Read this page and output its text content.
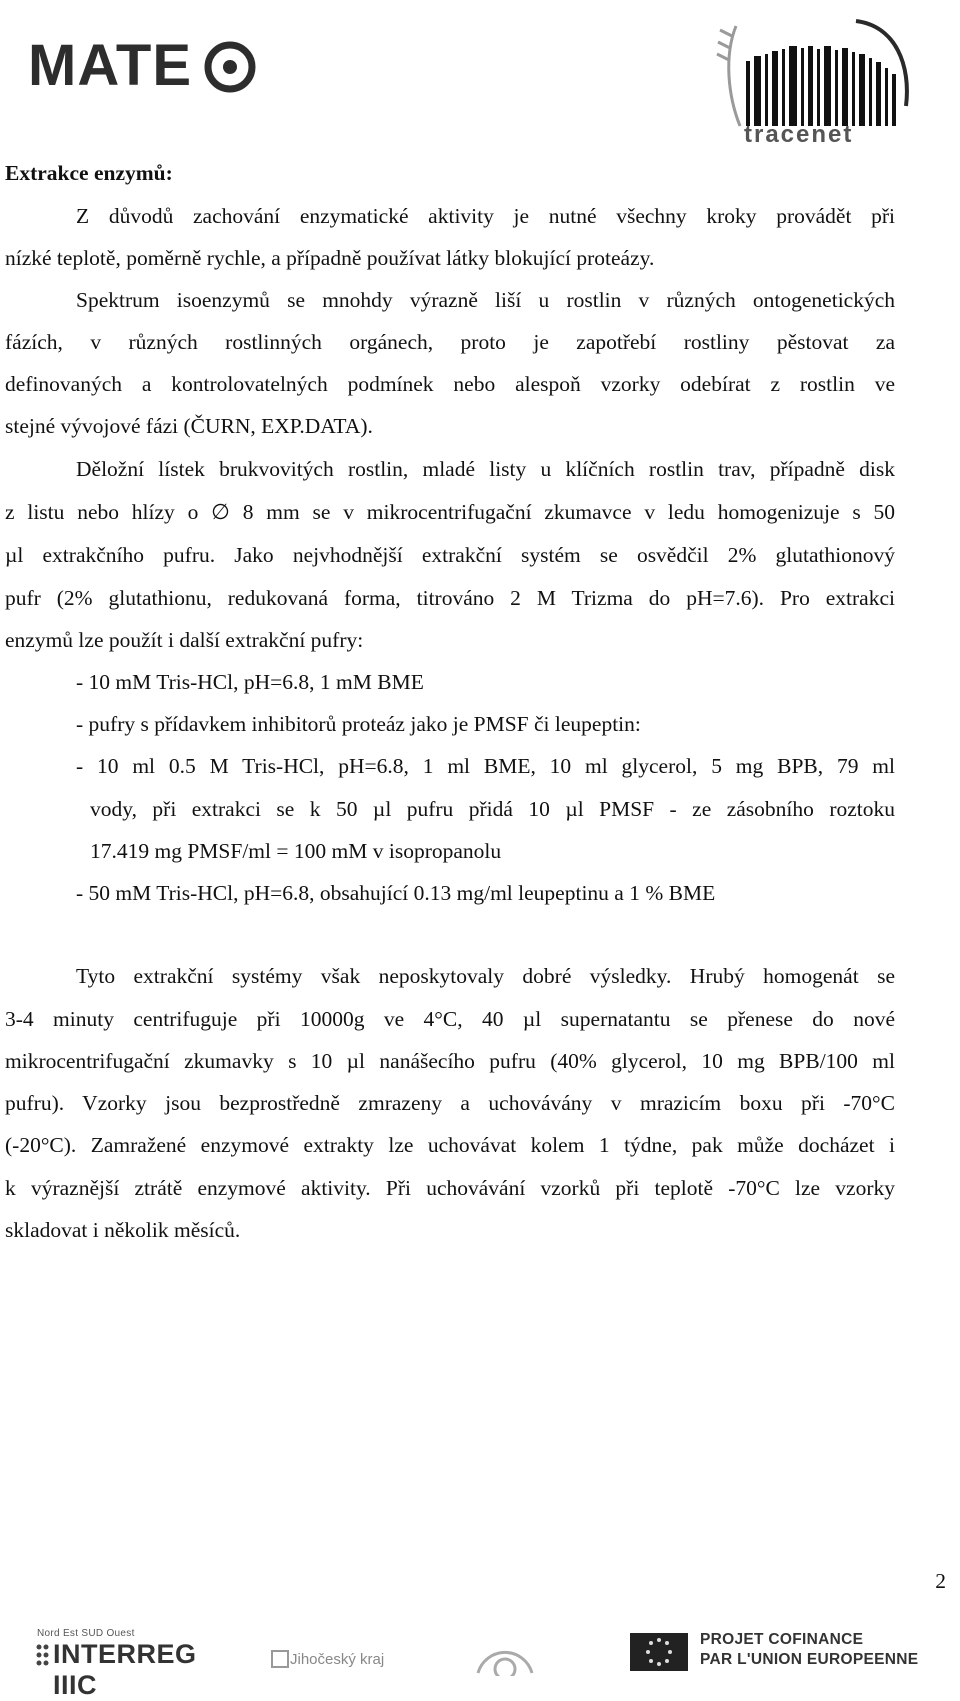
MATE
tracenet
Extrakce enzymů:
Z důvodů zachování enzymatické aktivity je nutné všechny kroky provádět při
nízké teplotě, poměrně rychle, a případně používat látky blokující proteázy.
Spektrum isoenzymů se mnohdy výrazně liší u rostlin v různých ontogenetických
fázích, v různých rostlinných orgánech, proto je zapotřebí rostliny pěstovat za
definovaných a kontrolovatelných podmínek nebo alespoň vzorky odebírat z rostlin ve
stejné vývojové fázi (ČURN, EXP.DATA).
Děložní lístek brukvovitých rostlin, mladé listy u klíčních rostlin trav, případně disk
z listu nebo hlízy o ∅ 8 mm se v mikrocentrifugační zkumavce v ledu homogenizuje s 50
µl extrakčního pufru. Jako nejvhodnější extrakční systém se osvědčil 2% glutathionový
pufr (2% glutathionu, redukovaná forma, titrováno 2 M Trizma do pH=7.6). Pro extrakci
enzymů lze použít i další extrakční pufry:
- 10 mM Tris-HCl, pH=6.8, 1 mM BME
- pufry s přídavkem inhibitorů proteáz jako je PMSF či leupeptin:
- 10 ml 0.5 M Tris-HCl, pH=6.8, 1 ml BME, 10 ml glycerol, 5 mg BPB, 79 ml
vody, při extrakci se k 50 µl pufru přidá 10 µl PMSF - ze zásobního roztoku
17.419 mg PMSF/ml = 100 mM v isopropanolu
- 50 mM Tris-HCl, pH=6.8, obsahující 0.13 mg/ml leupeptinu a 1 % BME
Tyto extrakční systémy však neposkytovaly dobré výsledky. Hrubý homogenát se
3-4 minuty centrifuguje při 10000g ve 4°C, 40 µl supernatantu se přenese do nové
mikrocentrifugační zkumavky s 10 µl nanášecího pufru (40% glycerol, 10 mg BPB/100 ml
pufru). Vzorky jsou bezprostředně zmrazeny a uchovávány v mrazicím boxu při -70°C
(-20°C). Zamražené enzymové extrakty lze uchovávat kolem 1 týdne, pak může docházet i
k výraznější ztrátě enzymové aktivity. Při uchovávání vzorků při teplotě -70°C lze vzorky
skladovat i několik měsíců.
2
Nord Est SUD Ouest
INTERREG IIIC
Jihočeský kraj
PROJET COFINANCE
PAR L'UNION EUROPEENNE
